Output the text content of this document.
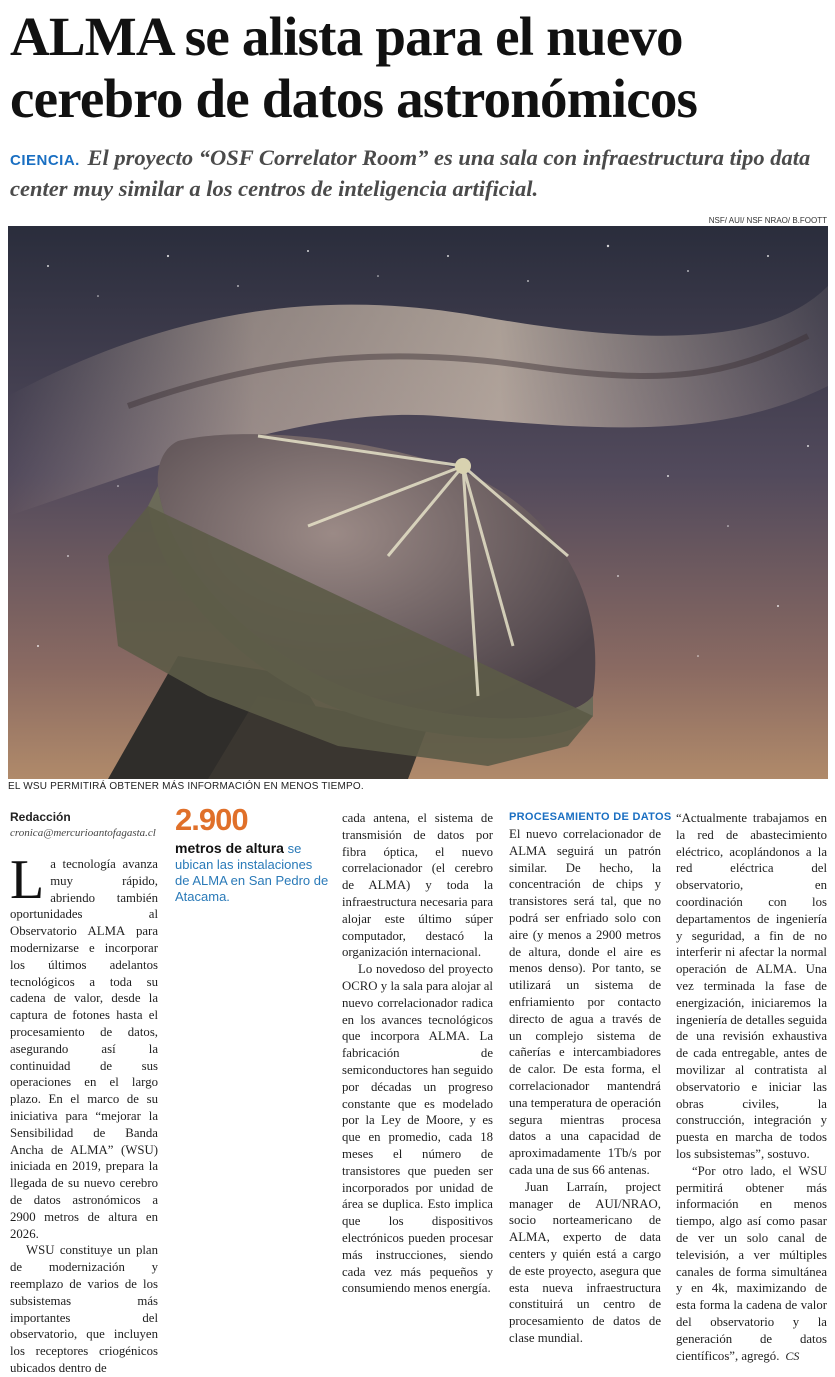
ALMA se alista para el nuevo cerebro de datos astronómicos

CIENCIA. El proyecto “OSF Correlator Room” es una sala con infraestructura tipo data center muy similar a los centros de inteligencia artificial.

NSF/ AUI/ NSF NRAO/ B.FOOTT
EL WSU PERMITIRÁ OBTENER MÁS INFORMACIÓN EN MENOS TIEMPO.
Redacción
cronica@mercurioantofagasta.cl

La tecnología avanza muy rápido, abriendo también oportunidades al Observatorio ALMA para modernizarse e incorporar los últimos adelantos tecnológicos a toda su cadena de valor, desde la captura de fotones hasta el procesamiento de datos, asegurando así la continuidad de sus operaciones en el largo plazo. En el marco de su iniciativa para “mejorar la Sensibilidad de Banda Ancha de ALMA” (WSU) iniciada en 2019, prepara la llegada de su nuevo cerebro de datos astronómicos a 2900 metros de altura en 2026.

WSU constituye un plan de modernización y reemplazo de varios de los subsistemas más importantes del observatorio, que incluyen los receptores criogénicos ubicados dentro de

2.900
metros de altura se ubican las instalaciones de ALMA en San Pedro de Atacama.

cada antena, el sistema de transmisión de datos por fibra óptica, el nuevo correlacionador (el cerebro de ALMA) y toda la infraestructura necesaria para alojar este último súper computador, destacó la organización internacional.

Lo novedoso del proyecto OCRO y la sala para alojar al nuevo correlacionador radica en los avances tecnológicos que incorpora ALMA. La fabricación de semiconductores han seguido por décadas un progreso constante que es modelado por la Ley de Moore, y es que en promedio, cada 18 meses el número de transistores que pueden ser incorporados por unidad de área se duplica. Esto implica que los dispositivos electrónicos pueden procesar más instrucciones, siendo cada vez más pequeños y consumiendo menos energía.

PROCESAMIENTO DE DATOS

El nuevo correlacionador de ALMA seguirá un patrón similar. De hecho, la concentración de chips y transistores será tal, que no podrá ser enfriado solo con aire (y menos a 2900 metros de altura, donde el aire es menos denso). Por tanto, se utilizará un sistema de enfriamiento por contacto directo de agua a través de un complejo sistema de cañerías e intercambiadores de calor. De esta forma, el correlacionador mantendrá una temperatura de operación segura mientras procesa datos a una capacidad de aproximadamente 1Tb/s por cada una de sus 66 antenas.

Juan Larraín, project manager de AUI/NRAO, socio norteamericano de ALMA, experto de data centers y quién está a cargo de este proyecto, asegura que esta nueva infraestructura constituirá un centro de procesamiento de datos de clase mundial.

“Actualmente trabajamos en la red de abastecimiento eléctrico, acoplándonos a la red eléctrica del observatorio, en coordinación con los departamentos de ingeniería y seguridad, a fin de no interferir ni afectar la normal operación de ALMA. Una vez terminada la fase de energización, iniciaremos la ingeniería de detalles seguida de una revisión exhaustiva de cada entregable, antes de movilizar al contratista al observatorio e iniciar las obras civiles, la construcción, integración y puesta en marcha de todos los subsistemas”, sostuvo.

“Por otro lado, el WSU permitirá obtener más información en menos tiempo, algo así como pasar de ver un solo canal de televisión, a ver múltiples canales de forma simultánea y en 4k, maximizando de esta forma la cadena de valor del observatorio y la generación de datos científicos”, agregó. CS
